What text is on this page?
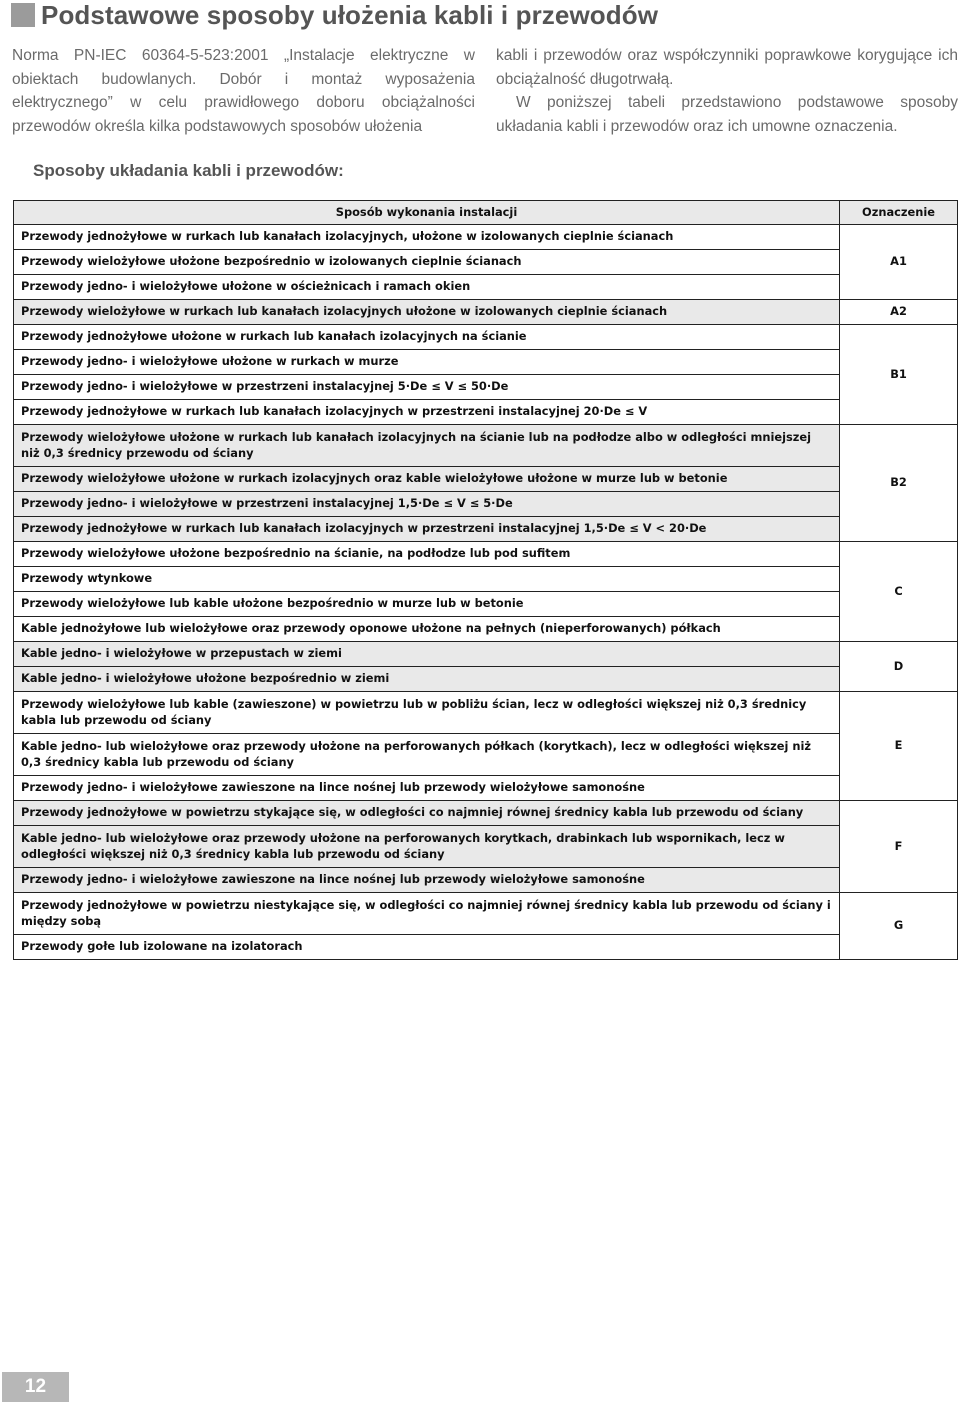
Podstawowe sposoby ułożenia kabli i przewodów

Norma PN-IEC 60364-5-523:2001 „Instalacje elektryczne w obiektach budowlanych. Dobór i montaż wyposażenia elektrycznego” w celu prawidłowego doboru obciążalności przewodów określa kilka podstawowych sposobów ułożenia

kabli i przewodów oraz współczynniki poprawkowe korygujące ich obciążalność długotrwałą.

W poniższej tabeli przedstawiono podstawowe sposoby układania kabli i przewodów oraz ich umowne oznaczenia.

Sposoby układania kabli i przewodów:
Sposób wykonania instalacji	Oznaczenie
Przewody jednożyłowe w rurkach lub kanałach izolacyjnych, ułożone w izolowanych cieplnie ścianach	A1
Przewody wielożyłowe ułożone bezpośrednio w izolowanych cieplnie ścianach	
Przewody jedno- i wielożyłowe ułożone w ościeżnicach i ramach okien	
Przewody wielożyłowe w rurkach lub kanałach izolacyjnych ułożone w izolowanych cieplnie ścianach	A2
Przewody jednożyłowe ułożone w rurkach lub kanałach izolacyjnych na ścianie	B1
Przewody jedno- i wielożyłowe ułożone w rurkach w murze	
Przewody jedno- i wielożyłowe w przestrzeni instalacyjnej 5·De ≤ V ≤ 50·De	
Przewody jednożyłowe w rurkach lub kanałach izolacyjnych w przestrzeni instalacyjnej 20·De ≤ V	
Przewody wielożyłowe ułożone w rurkach lub kanałach izolacyjnych na ścianie lub na podłodze albo w odległości mniejszej niż 0,3 średnicy przewodu od ściany	B2
Przewody wielożyłowe ułożone w rurkach izolacyjnych oraz kable wielożyłowe ułożone w murze lub w betonie	
Przewody jedno- i wielożyłowe w przestrzeni instalacyjnej 1,5·De ≤ V ≤ 5·De	
Przewody jednożyłowe w rurkach lub kanałach izolacyjnych w przestrzeni instalacyjnej 1,5·De ≤ V < 20·De	
Przewody wielożyłowe ułożone bezpośrednio na ścianie, na podłodze lub pod sufitem	C
Przewody wtynkowe	
Przewody wielożyłowe lub kable ułożone bezpośrednio w murze lub w betonie	
Kable jednożyłowe lub wielożyłowe oraz przewody oponowe ułożone na pełnych (nieperforowanych) półkach	
Kable jedno- i wielożyłowe w przepustach w ziemi	D
Kable jedno- i wielożyłowe ułożone bezpośrednio w ziemi	
Przewody wielożyłowe lub kable (zawieszone) w powietrzu lub w pobliżu ścian, lecz w odległości większej niż 0,3 średnicy kabla lub przewodu od ściany	E
Kable jedno- lub wielożyłowe oraz przewody ułożone na perforowanych półkach (korytkach), lecz w odległości większej niż 0,3 średnicy kabla lub przewodu od ściany	
Przewody jedno- i wielożyłowe zawieszone na lince nośnej lub przewody wielożyłowe samonośne	
Przewody jednożyłowe w powietrzu stykające się, w odległości co najmniej równej średnicy kabla lub przewodu od ściany	F
Kable jedno- lub wielożyłowe oraz przewody ułożone na perforowanych korytkach, drabinkach lub wspornikach, lecz w odległości większej niż 0,3 średnicy kabla lub przewodu od ściany	
Przewody jedno- i wielożyłowe zawieszone na lince nośnej lub przewody wielożyłowe samonośne	
Przewody jednożyłowe w powietrzu niestykające się, w odległości co najmniej równej średnicy kabla lub przewodu od ściany i między sobą	G
Przewody gołe lub izolowane na izolatorach	
12
